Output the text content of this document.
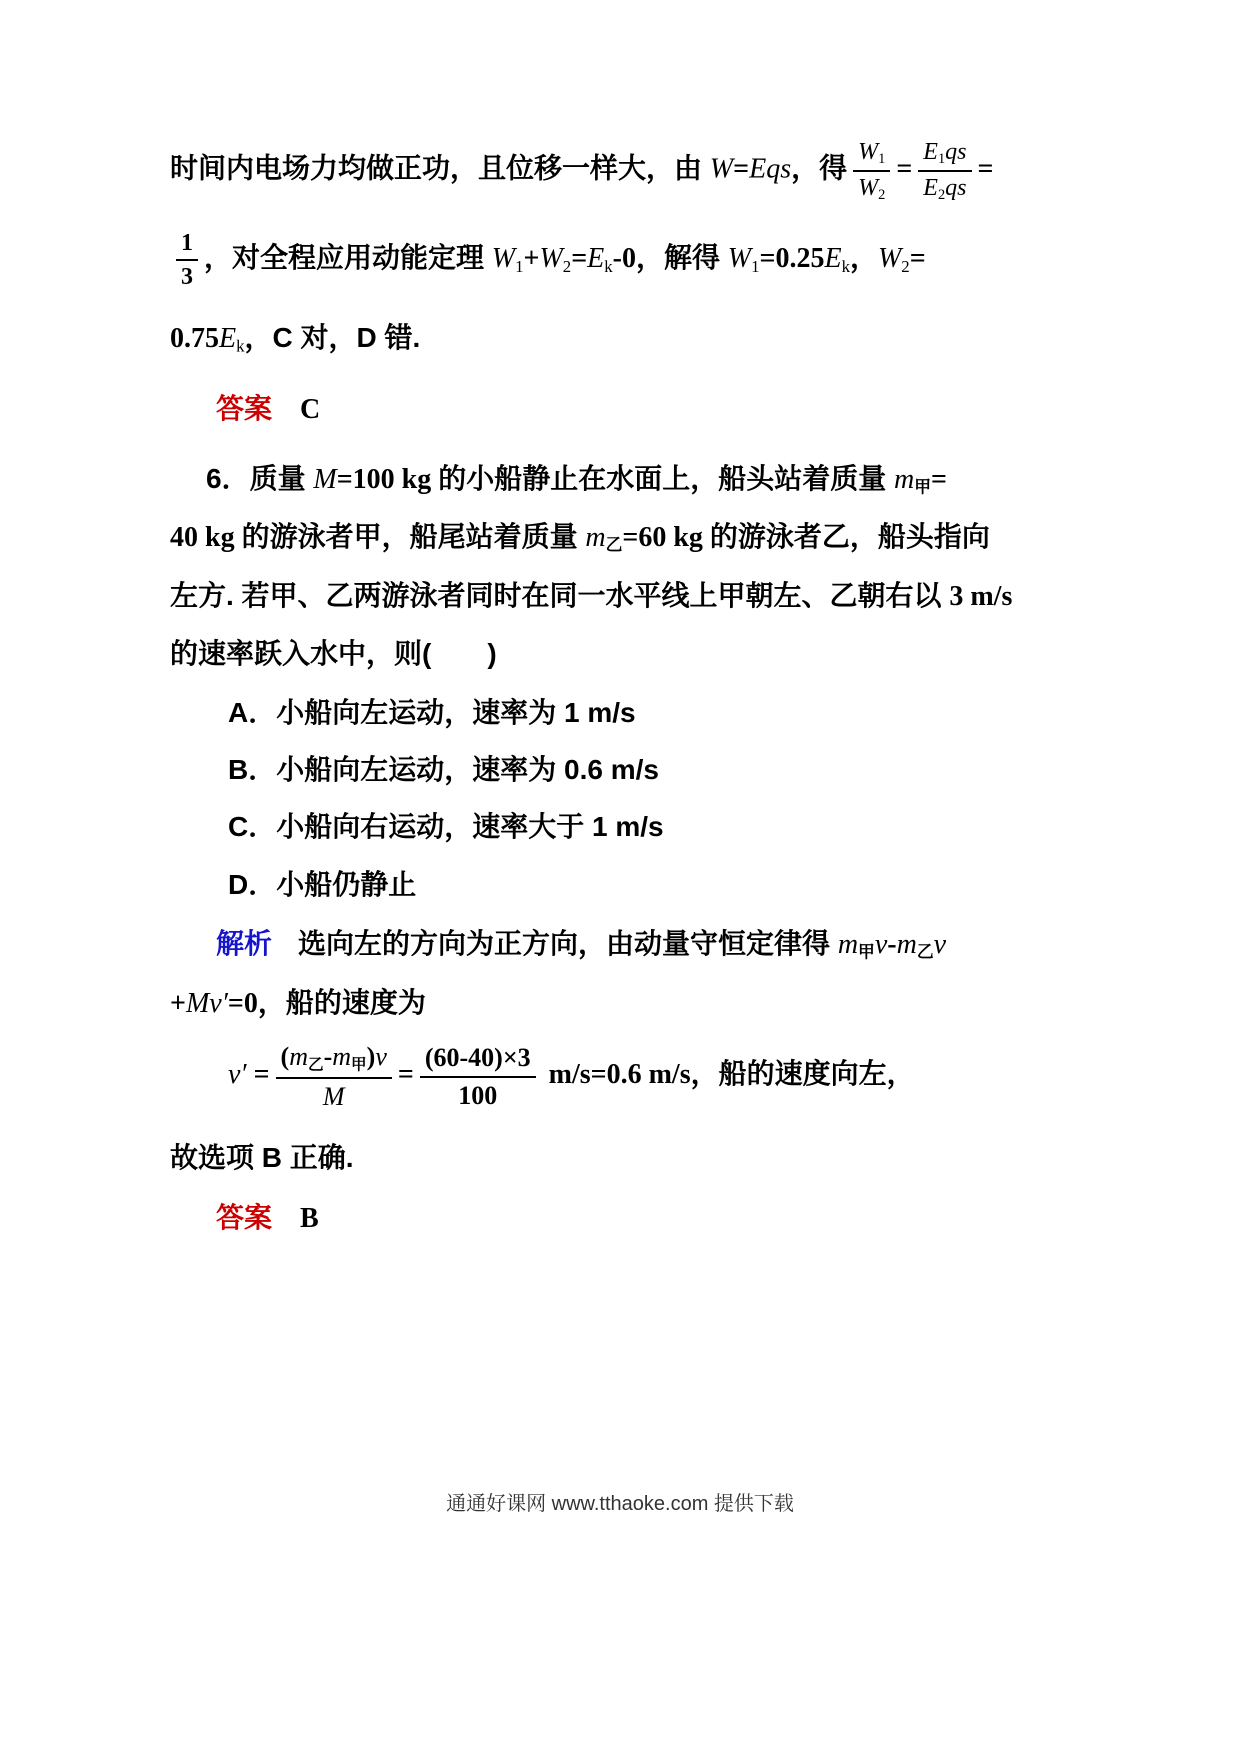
时间内电场力均做正功，且位移一样大，由 W=Eqs，得 $\frac{W_1}{W_2} = \frac{E_1qs}{E_2qs}$ =
$\frac{1}{3}$ ，对全程应用动能定理 $W_1+W_2=E_k-0$，解得 $W_1=0.25E_k$，$W_2=$
$0.75E_k$，C 对，D 错.
答案 C
6．质量 M=100 kg 的小船静止在水面上，船头站着质量 $m_甲=$
40 kg 的游泳者甲，船尾站着质量 $m_乙=60$ kg 的游泳者乙，船头指向
左方. 若甲、乙两游泳者同时在同一水平线上甲朝左、乙朝右以 3 m/s
的速率跃入水中，则(　　)
A．小船向左运动，速率为 1 m/s
B．小船向左运动，速率为 0.6 m/s
C．小船向右运动，速率大于 1 m/s
D．小船仍静止
解析 选向左的方向为正方向，由动量守恒定律得 $m_甲v-m_乙v$
+Mv′=0，船的速度为
$v' = \frac{(m_乙-m_甲)v}{M} = \frac{(60-40)\times 3}{100} m/s=0.6$ m/s，船的速度向左，
故选项 B 正确.
答案 B
通通好课网 www.tthaoke.com 提供下载
